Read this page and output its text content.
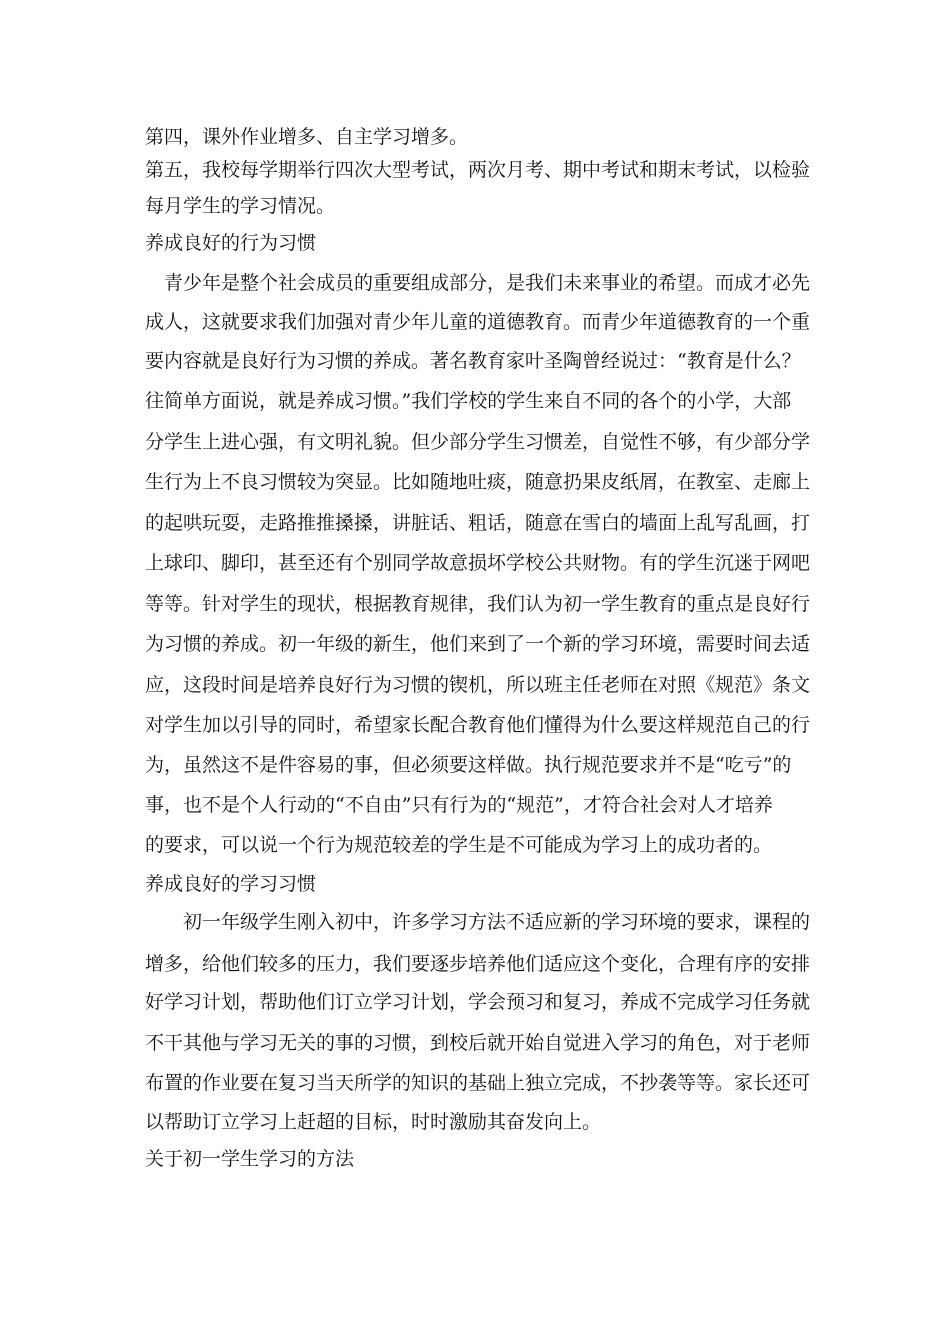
第四，课外作业增多、自主学习增多。
第五，我校每学期举行四次大型考试，两次月考、期中考试和期末考试，以检验
每月学生的学习情况。
养成良好的行为习惯
青少年是整个社会成员的重要组成部分，是我们未来事业的希望。而成才必先
成人，这就要求我们加强对青少年儿童的道德教育。而青少年道德教育的一个重
要内容就是良好行为习惯的养成。著名教育家叶圣陶曾经说过：“教育是什么？
往简单方面说，就是养成习惯。”我们学校的学生来自不同的各个的小学，大部
分学生上进心强，有文明礼貌。但少部分学生习惯差，自觉性不够，有少部分学
生行为上不良习惯较为突显。比如随地吐痰，随意扔果皮纸屑，在教室、走廊上
的起哄玩耍，走路推推搡搡，讲脏话、粗话，随意在雪白的墙面上乱写乱画，打
上球印、脚印，甚至还有个别同学故意损坏学校公共财物。有的学生沉迷于网吧
等等。针对学生的现状，根据教育规律，我们认为初一学生教育的重点是良好行
为习惯的养成。初一年级的新生，他们来到了一个新的学习环境，需要时间去适
应，这段时间是培养良好行为习惯的锲机，所以班主任老师在对照《规范》条文
对学生加以引导的同时，希望家长配合教育他们懂得为什么要这样规范自己的行
为，虽然这不是件容易的事，但必须要这样做。执行规范要求并不是“吃亏”的
事，也不是个人行动的“不自由”只有行为的“规范”，才符合社会对人才培养
的要求，可以说一个行为规范较差的学生是不可能成为学习上的成功者的。
养成良好的学习习惯
初一年级学生刚入初中，许多学习方法不适应新的学习环境的要求，课程的
增多，给他们较多的压力，我们要逐步培养他们适应这个变化，合理有序的安排
好学习计划，帮助他们订立学习计划，学会预习和复习，养成不完成学习任务就
不干其他与学习无关的事的习惯，到校后就开始自觉进入学习的角色，对于老师
布置的作业要在复习当天所学的知识的基础上独立完成，不抄袭等等。家长还可
以帮助订立学习上赶超的目标，时时激励其奋发向上。
关于初一学生学习的方法
